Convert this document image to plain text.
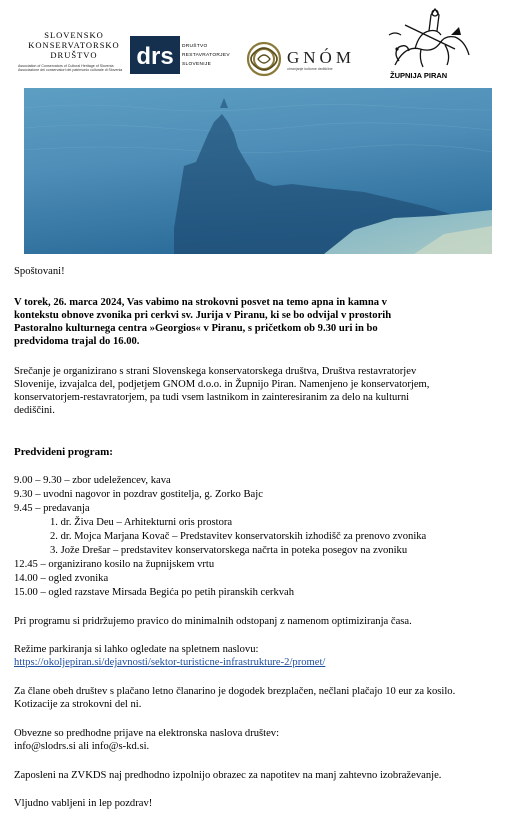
SLOVENSKO
KONSERVATORSKO
DRUŠTVO
Association of Conservators of Cultural Heritage of Slovenia
Associazione dei conservatori dei patrimonio culturale di Slovenia
drs DRUŠTVO
RESTAVRATORJEV
SLOVENIJE	GNÓM
ohranjanje kulturne dediščine
ŽUPNIJA PIRAN
Spoštovani!
V torek, 26. marca 2024, Vas vabimo na strokovni posvet na temo apna in kamna v
kontekstu obnove zvonika pri cerkvi sv. Jurija v Piranu, ki se bo odvijal v prostorih
Pastoralno kulturnega centra »Georgios« v Piranu, s pričetkom ob 9.30 uri in bo
predvidoma trajal do 16.00.
Srečanje je organizirano s strani Slovenskega konservatorskega društva, Društva restavratorjev
Slovenije, izvajalca del, podjetjem GNOM d.o.o. in Župnijo Piran. Namenjeno je konservatorjem,
konservatorjem-restavratorjem, pa tudi vsem lastnikom in zainteresiranim za delo na kulturni
dediščini.
Predvideni program:
9.00 – 9.30 – zbor udeležencev, kava
9.30 – uvodni nagovor in pozdrav gostitelja, g. Zorko Bajc
9.45 – predavanja
1. dr. Živa Deu – Arhitekturni oris prostora
2. dr. Mojca Marjana Kovač – Predstavitev konservatorskih izhodišč za prenovo zvonika
3. Jože Drešar – predstavitev konservatorskega načrta in poteka posegov na zvoniku
12.45 – organizirano kosilo na župnijskem vrtu
14.00 – ogled zvonika
15.00 – ogled razstave Mirsada Begića po petih piranskih cerkvah
Pri programu si pridržujemo pravico do minimalnih odstopanj z namenom optimiziranja časa.
Režime parkiranja si lahko ogledate na spletnem naslovu:
https://okoljepiran.si/dejavnosti/sektor-turisticne-infrastrukture-2/promet/
Za člane obeh društev s plačano letno članarino je dogodek brezplačen, nečlani plačajo 10 eur za kosilo.
Kotizacije za strokovni del ni.
Obvezne so predhodne prijave na elektronska naslova društev:
info@slodrs.si ali info@s-kd.si.
Zaposleni na ZVKDS naj predhodno izpolnijo obrazec za napotitev na manj zahtevno izobraževanje.
Vljudno vabljeni in lep pozdrav!
